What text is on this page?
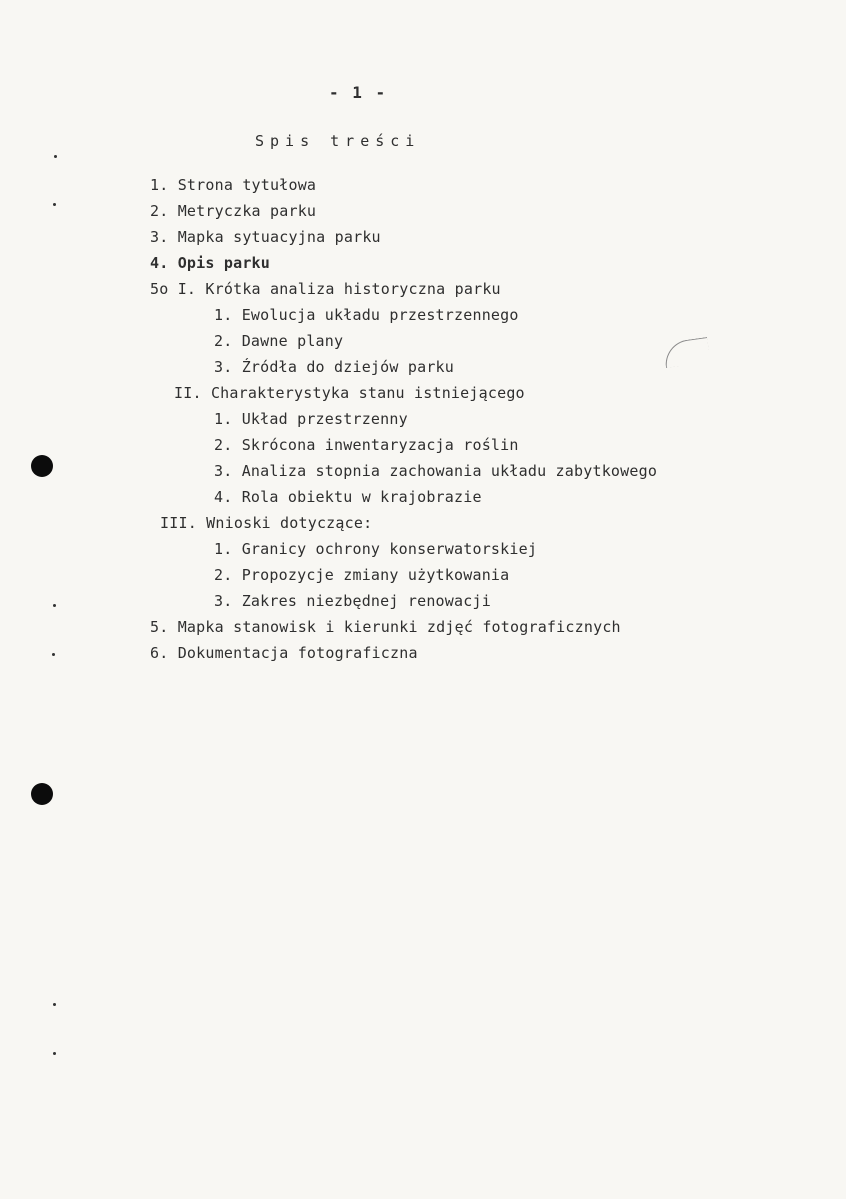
- 1 -
Spis treści
1. Strona tytułowa
2. Metryczka parku
3. Mapka sytuacyjna parku
4. Opis parku
5o I. Krótka analiza historyczna parku
1. Ewolucja układu przestrzennego
2. Dawne plany
3. Źródła do dziejów parku
II. Charakterystyka stanu istniejącego
1. Układ przestrzenny
2. Skrócona inwentaryzacja roślin
3. Analiza stopnia zachowania układu zabytkowego
4. Rola obiektu w krajobrazie
III. Wnioski dotyczące:
1. Granicy ochrony konserwatorskiej
2. Propozycje zmiany użytkowania
3. Zakres niezbędnej renowacji
5. Mapka stanowisk i kierunki zdjęć fotograficznych
6. Dokumentacja fotograficzna
